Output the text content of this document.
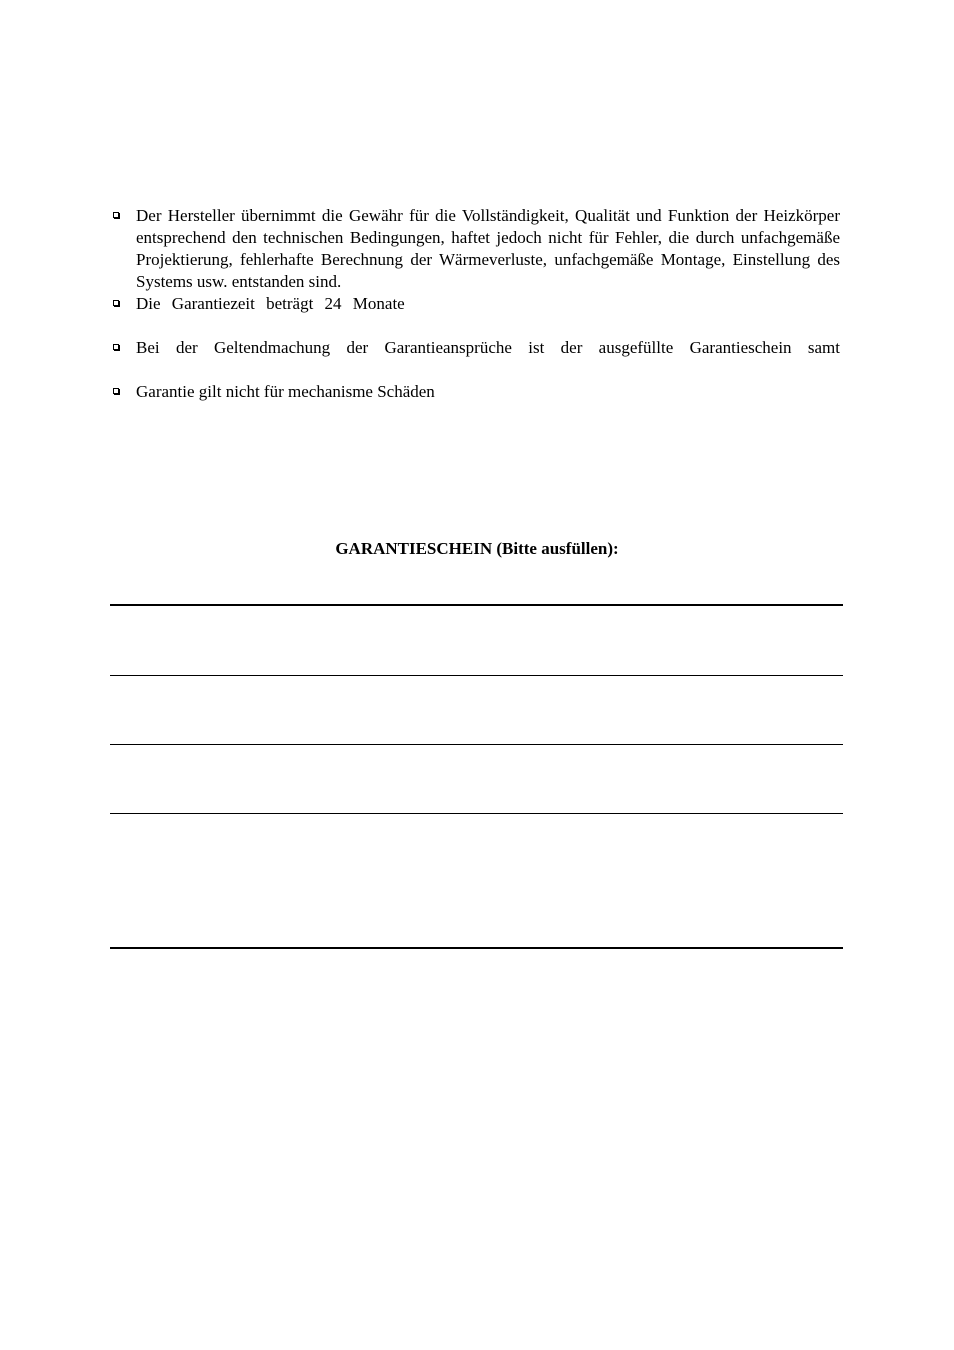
Der Hersteller übernimmt die Gewähr für die Vollständigkeit, Qualität und Funktion der Heizkörper entsprechend den technischen Bedingungen, haftet jedoch nicht für Fehler, die durch unfachgemäße Projektierung, fehlerhafte Berechnung der Wärmeverluste, unfachgemäße Montage, Einstellung des Systems usw. entstanden sind.
Die Garantiezeit beträgt 24 Monate
Bei der Geltendmachung der Garantieansprüche ist der ausgefüllte Garantieschein samt
Garantie gilt nicht für mechanisme Schäden
GARANTIESCHEIN (Bitte ausfüllen):
